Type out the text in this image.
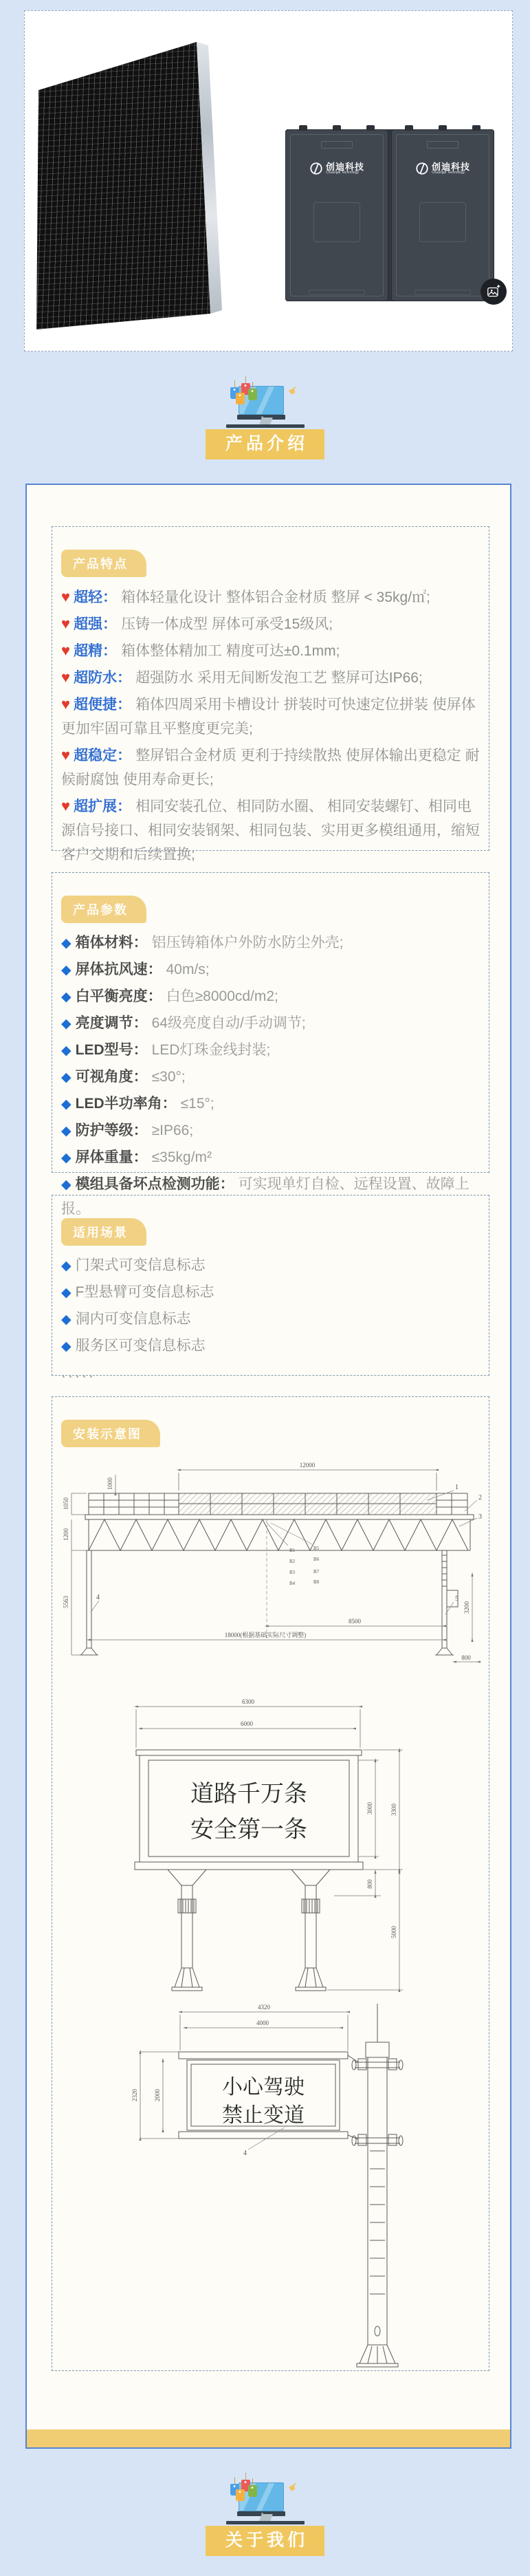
创迪科技
Chuangdi Technology
创迪科技
Chuangdi Technology
☛
产品介绍
产品特点
♥ 超轻： 箱体轻量化设计 整体铝合金材质 整屏 < 35kg/㎡;
♥ 超强： 压铸一体成型 屏体可承受15级风;
♥ 超精： 箱体整体精加工 精度可达±0.1mm;
♥ 超防水： 超强防水 采用无间断发泡工艺 整屏可达IP66;
♥ 超便捷： 箱体四周采用卡槽设计 拼装时可快速定位拼装 使屏体更加牢固可靠且平整度更完美;
♥ 超稳定： 整屏铝合金材质 更利于持续散热 使屏体输出更稳定 耐候耐腐蚀 使用寿命更长;
♥ 超扩展： 相同安装孔位、相同防水圈、 相同安装螺钉、相同电源信号接口、相同安装钢架、相同包装、实用更多模组通用，缩短客户交期和后续置换;
产品参数
◆ 箱体材料： 铝压铸箱体户外防水防尘外壳;
◆ 屏体抗风速： 40m/s;
◆ 白平衡亮度： 白色≥8000cd/m2;
◆ 亮度调节： 64级亮度自动/手动调节;
◆ LED型号： LED灯珠金线封装;
◆ 可视角度： ≤30°;
◆ LED半功率角： ≤15°;
◆ 防护等级： ≥IP66;
◆ 屏体重量： ≤35kg/m²
◆ 模组具备坏点检测功能： 可实现单灯自检、远程设置、故障上报。
适用场景
◆ 门架式可变信息标志
◆ F型悬臂可变信息标志
◆ 洞内可变信息标志
◆ 服务区可变信息标志
·····
安装示意图
B1
B2
B3
B4
B5
B6
B7
B8
12000
1000
1050
1200
5563
8500
18000(根据基础实际尺寸调整)
800
3200
1
2
3
4	5
道路千万条
安全第一条
6300
6000
3000	3300
800
5000
小心驾驶
禁止变道
4320
4000
2320	2000
4
☛
关于我们
